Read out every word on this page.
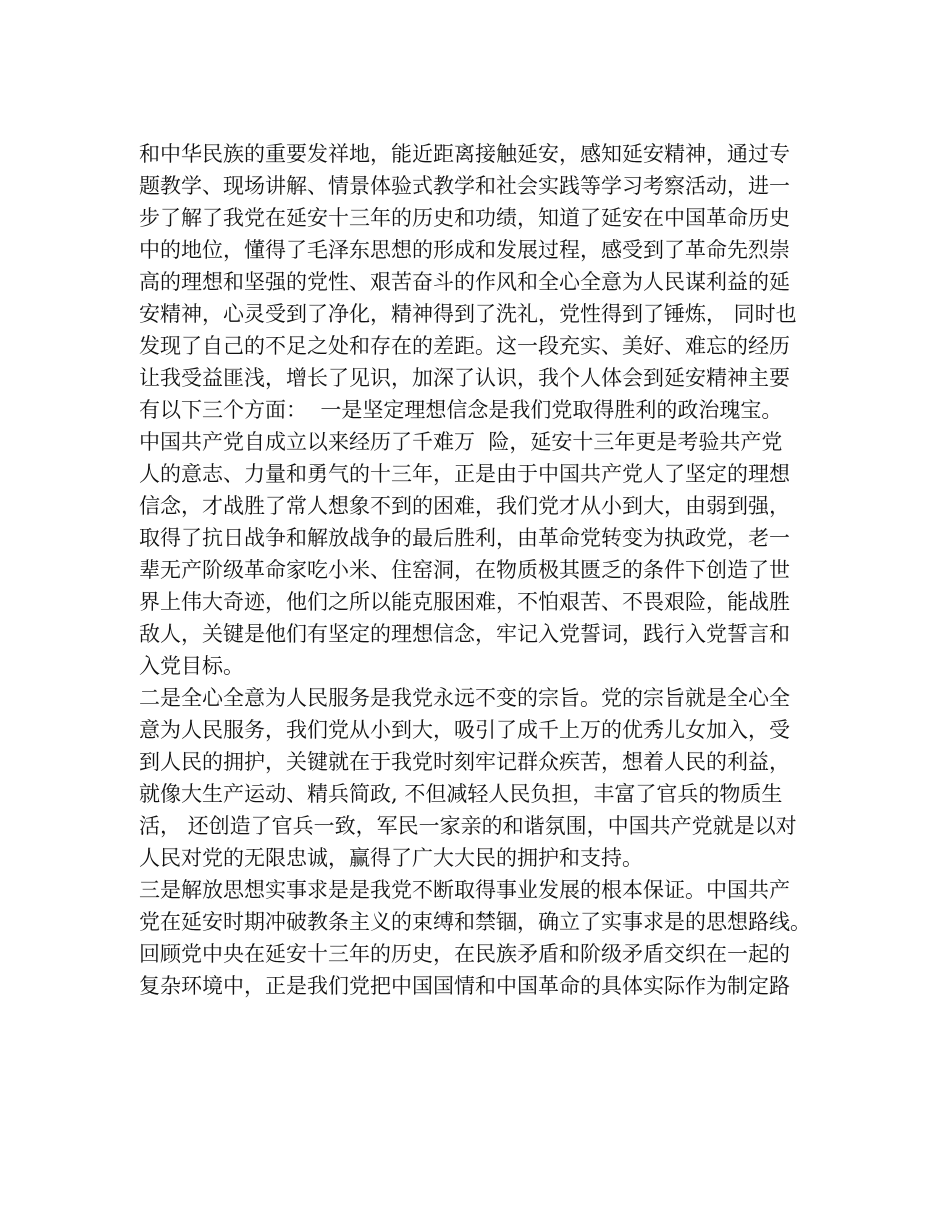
和中华民族的重要发祥地，能近距离接触延安，感知延安精神，通过专
题教学、现场讲解、情景体验式教学和社会实践等学习考察活动，进一
步了解了我党在延安十三年的历史和功绩，知道了延安在中国革命历史
中的地位，懂得了毛泽东思想的形成和发展过程，感受到了革命先烈崇
高的理想和坚强的党性、艰苦奋斗的作风和全心全意为人民谋利益的延
安精神，心灵受到了净化，精神得到了洗礼，党性得到了锤炼， 同时也
发现了自己的不足之处和存在的差距。这一段充实、美好、难忘的经历
让我受益匪浅，增长了见识，加深了认识，我个人体会到延安精神主要
有以下三个方面：  一是坚定理想信念是我们党取得胜利的政治瑰宝。
中国共产党自成立以来经历了千难万  险，延安十三年更是考验共产党
人的意志、力量和勇气的十三年，正是由于中国共产党人了坚定的理想
信念，才战胜了常人想象不到的困难，我们党才从小到大，由弱到强，
取得了抗日战争和解放战争的最后胜利，由革命党转变为执政党，老一
辈无产阶级革命家吃小米、住窑洞，在物质极其匮乏的条件下创造了世
界上伟大奇迹，他们之所以能克服困难，不怕艰苦、不畏艰险，能战胜
敌人，关键是他们有坚定的理想信念，牢记入党誓词，践行入党誓言和
入党目标。
二是全心全意为人民服务是我党永远不变的宗旨。党的宗旨就是全心全
意为人民服务，我们党从小到大，吸引了成千上万的优秀儿女加入，受
到人民的拥护，关键就在于我党时刻牢记群众疾苦，想着人民的利益，
就像大生产运动、精兵简政, 不但减轻人民负担，丰富了官兵的物质生
活， 还创造了官兵一致，军民一家亲的和谐氛围，中国共产党就是以对
人民对党的无限忠诚，赢得了广大大民的拥护和支持。
三是解放思想实事求是是我党不断取得事业发展的根本保证。中国共产
党在延安时期冲破教条主义的束缚和禁锢，确立了实事求是的思想路线。
回顾党中央在延安十三年的历史，在民族矛盾和阶级矛盾交织在一起的
复杂环境中，正是我们党把中国国情和中国革命的具体实际作为制定路
